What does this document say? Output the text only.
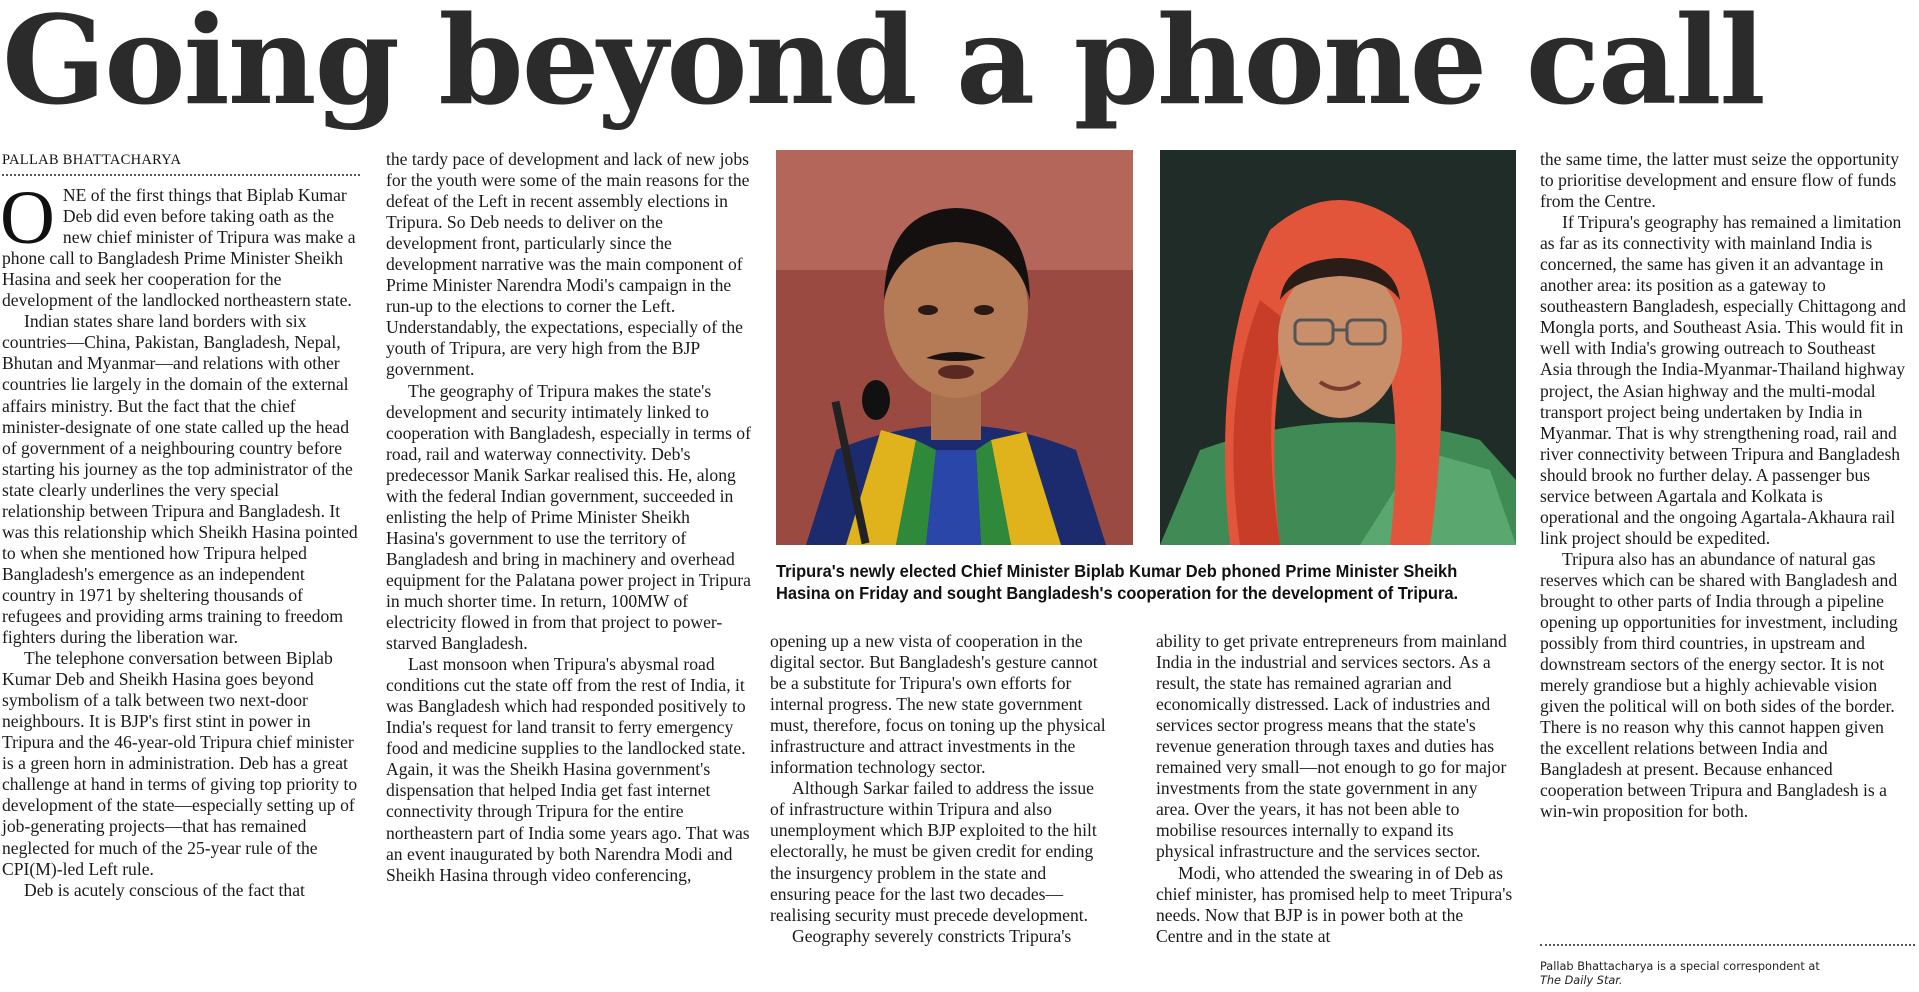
Going beyond a phone call
PALLAB BHATTACHARYA

ONE of the first things that Biplab Kumar Deb did even before taking oath as the new chief minister of Tripura was make a phone call to Bangladesh Prime Minister Sheikh Hasina and seek her cooperation for the development of the landlocked northeastern state.

Indian states share land borders with six countries—China, Pakistan, Bangladesh, Nepal, Bhutan and Myanmar—and relations with other countries lie largely in the domain of the external affairs ministry. But the fact that the chief minister-designate of one state called up the head of government of a neighbouring country before starting his journey as the top administrator of the state clearly underlines the very special relationship between Tripura and Bangladesh. It was this relationship which Sheikh Hasina pointed to when she mentioned how Tripura helped Bangladesh's emergence as an independent country in 1971 by sheltering thousands of refugees and providing arms training to freedom fighters during the liberation war.

The telephone conversation between Biplab Kumar Deb and Sheikh Hasina goes beyond symbolism of a talk between two next-door neighbours. It is BJP's first stint in power in Tripura and the 46-year-old Tripura chief minister is a green horn in administration. Deb has a great challenge at hand in terms of giving top priority to development of the state—especially setting up of job-generating projects—that has remained neglected for much of the 25-year rule of the CPI(M)-led Left rule.

Deb is acutely conscious of the fact that

the tardy pace of development and lack of new jobs for the youth were some of the main reasons for the defeat of the Left in recent assembly elections in Tripura. So Deb needs to deliver on the development front, particularly since the development narrative was the main component of Prime Minister Narendra Modi's campaign in the run-up to the elections to corner the Left. Understandably, the expectations, especially of the youth of Tripura, are very high from the BJP government.

The geography of Tripura makes the state's development and security intimately linked to cooperation with Bangladesh, especially in terms of road, rail and waterway connectivity. Deb's predecessor Manik Sarkar realised this. He, along with the federal Indian government, succeeded in enlisting the help of Prime Minister Sheikh Hasina's government to use the territory of Bangladesh and bring in machinery and overhead equipment for the Palatana power project in Tripura in much shorter time. In return, 100MW of electricity flowed in from that project to power-starved Bangladesh.

Last monsoon when Tripura's abysmal road conditions cut the state off from the rest of India, it was Bangladesh which had responded positively to India's request for land transit to ferry emergency food and medicine supplies to the landlocked state. Again, it was the Sheikh Hasina government's dispensation that helped India get fast internet connectivity through Tripura for the entire northeastern part of India some years ago. That was an event inaugurated by both Narendra Modi and Sheikh Hasina through video conferencing,

Tripura's newly elected Chief Minister Biplab Kumar Deb phoned Prime Minister Sheikh Hasina on Friday and sought Bangladesh's cooperation for the development of Tripura.

opening up a new vista of cooperation in the digital sector. But Bangladesh's gesture cannot be a substitute for Tripura's own efforts for internal progress. The new state government must, therefore, focus on toning up the physical infrastructure and attract investments in the information technology sector.

Although Sarkar failed to address the issue of infrastructure within Tripura and also unemployment which BJP exploited to the hilt electorally, he must be given credit for ending the insurgency problem in the state and ensuring peace for the last two decades—realising security must precede development.

Geography severely constricts Tripura's

ability to get private entrepreneurs from mainland India in the industrial and services sectors. As a result, the state has remained agrarian and economically distressed. Lack of industries and services sector progress means that the state's revenue generation through taxes and duties has remained very small—not enough to go for major investments from the state government in any area. Over the years, it has not been able to mobilise resources internally to expand its physical infrastructure and the services sector.

Modi, who attended the swearing in of Deb as chief minister, has promised help to meet Tripura's needs. Now that BJP is in power both at the Centre and in the state at

the same time, the latter must seize the opportunity to prioritise development and ensure flow of funds from the Centre.

If Tripura's geography has remained a limitation as far as its connectivity with mainland India is concerned, the same has given it an advantage in another area: its position as a gateway to southeastern Bangladesh, especially Chittagong and Mongla ports, and Southeast Asia. This would fit in well with India's growing outreach to Southeast Asia through the India-Myanmar-Thailand highway project, the Asian highway and the multi-modal transport project being undertaken by India in Myanmar. That is why strengthening road, rail and river connectivity between Tripura and Bangladesh should brook no further delay. A passenger bus service between Agartala and Kolkata is operational and the ongoing Agartala-Akhaura rail link project should be expedited.

Tripura also has an abundance of natural gas reserves which can be shared with Bangladesh and brought to other parts of India through a pipeline opening up opportunities for investment, including possibly from third countries, in upstream and downstream sectors of the energy sector. It is not merely grandiose but a highly achievable vision given the political will on both sides of the border. There is no reason why this cannot happen given the excellent relations between India and Bangladesh at present. Because enhanced cooperation between Tripura and Bangladesh is a win-win proposition for both.

Pallab Bhattacharya is a special correspondent at
The Daily Star.
